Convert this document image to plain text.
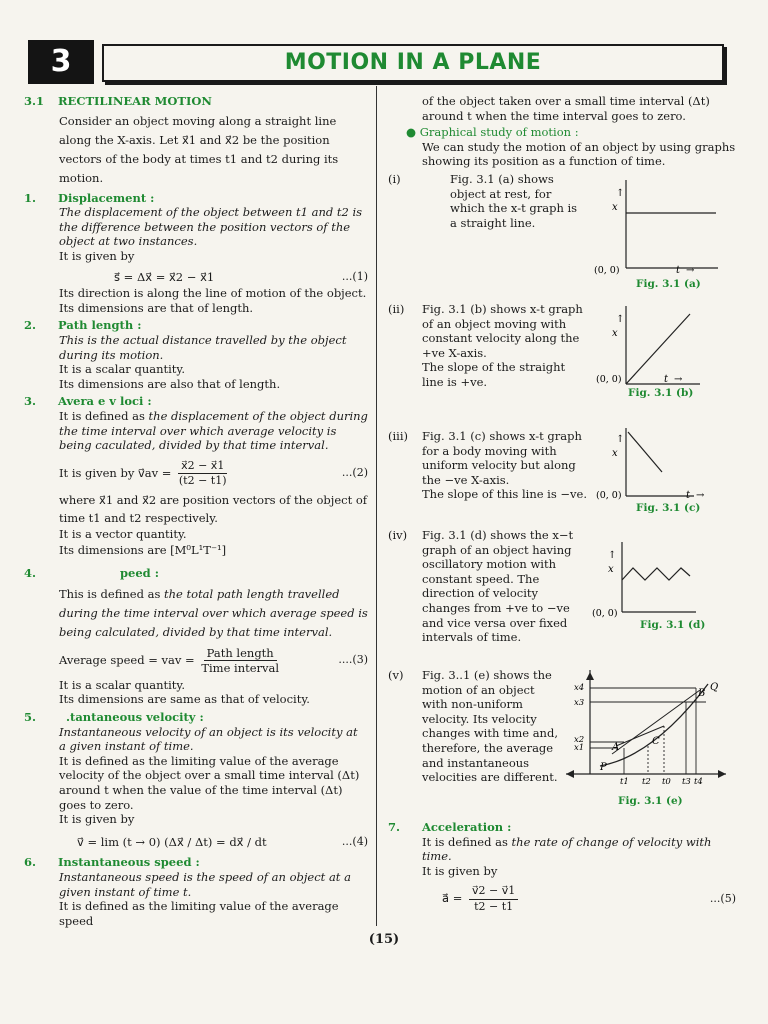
3	MOTION IN A PLANE
3.1 RECTILINEAR MOTION

Consider an object moving along a straight line along the X-axis. Let x⃗1 and x⃗2 be the position vectors of the body at times t1 and t2 during its motion.

1. Displacement :

The displacement of the object between t1 and t2 is the difference between the position vectors of the object at two instances.

It is given by

s⃗ = Δx⃗ = x⃗2 − x⃗1	...(1)

Its direction is along the line of motion of the object.

Its dimensions are that of length.

2. Path length :

This is the actual distance travelled by the object during its motion.

It is a scalar quantity.

Its dimensions are also that of length.

3. Avera e v loci :

It is defined as the displacement of the object during the time interval over which average velocity is being caculated, divided by that time interval.

It is given by v⃗av = $\frac{x⃗2 - x⃗1}{(t2 - t1)}$	...(2)

where x⃗1 and x⃗2 are position vectors of the object of time t1 and t2 respectively.

It is a vector quantity.

Its dimensions are [M⁰L¹T⁻¹]

4.	peed :

This is defined as the total path length travelled during the time interval over which average speed is being calculated, divided by that time interval.

Average speed = vav = $\frac{\text{Path length}}{\text{Time interval}}$	....(3)

It is a scalar quantity.

Its dimensions are same as that of velocity.

5.	.tantaneous velocity :

Instantaneous velocity of an object is its velocity at a given instant of time.

It is defined as the limiting value of the average velocity of the object over a small time interval (Δt) around t when the value of the time interval (Δt) goes to zero.

It is given by

v⃗ = lim (t → 0) (Δx⃗ / Δt) = dx⃗ / dt	...(4)
6. Instantaneous speed :

Instantaneous speed is the speed of an object at a given instant of time t.

It is defined as the limiting value of the average speed

of the object taken over a small time interval (Δt) around t when the time interval goes to zero.

● Graphical study of motion :

We can study the motion of an object by using graphs showing its position as a function of time.

(i)	Fig. 3.1 (a) shows object at rest, for which the x-t graph is a straight line.

(ii) Fig. 3.1 (b) shows x-t graph of an object moving with constant velocity along the +ve X-axis.

The slope of the straight line is +ve.

(iii) Fig. 3.1 (c) shows x-t graph for a body moving with uniform velocity but along the −ve X-axis.

The slope of this line is −ve.

(iv) Fig. 3.1 (d) shows the x−t graph of an object having oscillatory motion with constant speed. The direction of velocity changes from +ve to −ve and vice versa over fixed intervals of time.

(v) Fig. 3..1 (e) shows the motion of an object with non-uniform velocity. Its velocity changes with time and, therefore, the average and instantaneous velocities are different.

7. Acceleration :

It is defined as the rate of change of velocity with time.

It is given by

a⃗ = $\frac{v⃗2 - v⃗1}{t2 - t1}$	...(5)
↑
x
(0, 0)	t →
Fig. 3.1 (a)
↑
x
(0, 0)	t →
Fig. 3.1 (b)
↑
x
(0, 0)	t →
Fig. 3.1 (c)
↑
x
(0, 0)
Fig. 3.1 (d)
x4
x3
x2
x1
P
A
C
B
Q
t1 t2 t0 t3 t4
Fig. 3.1 (e)
(15)
